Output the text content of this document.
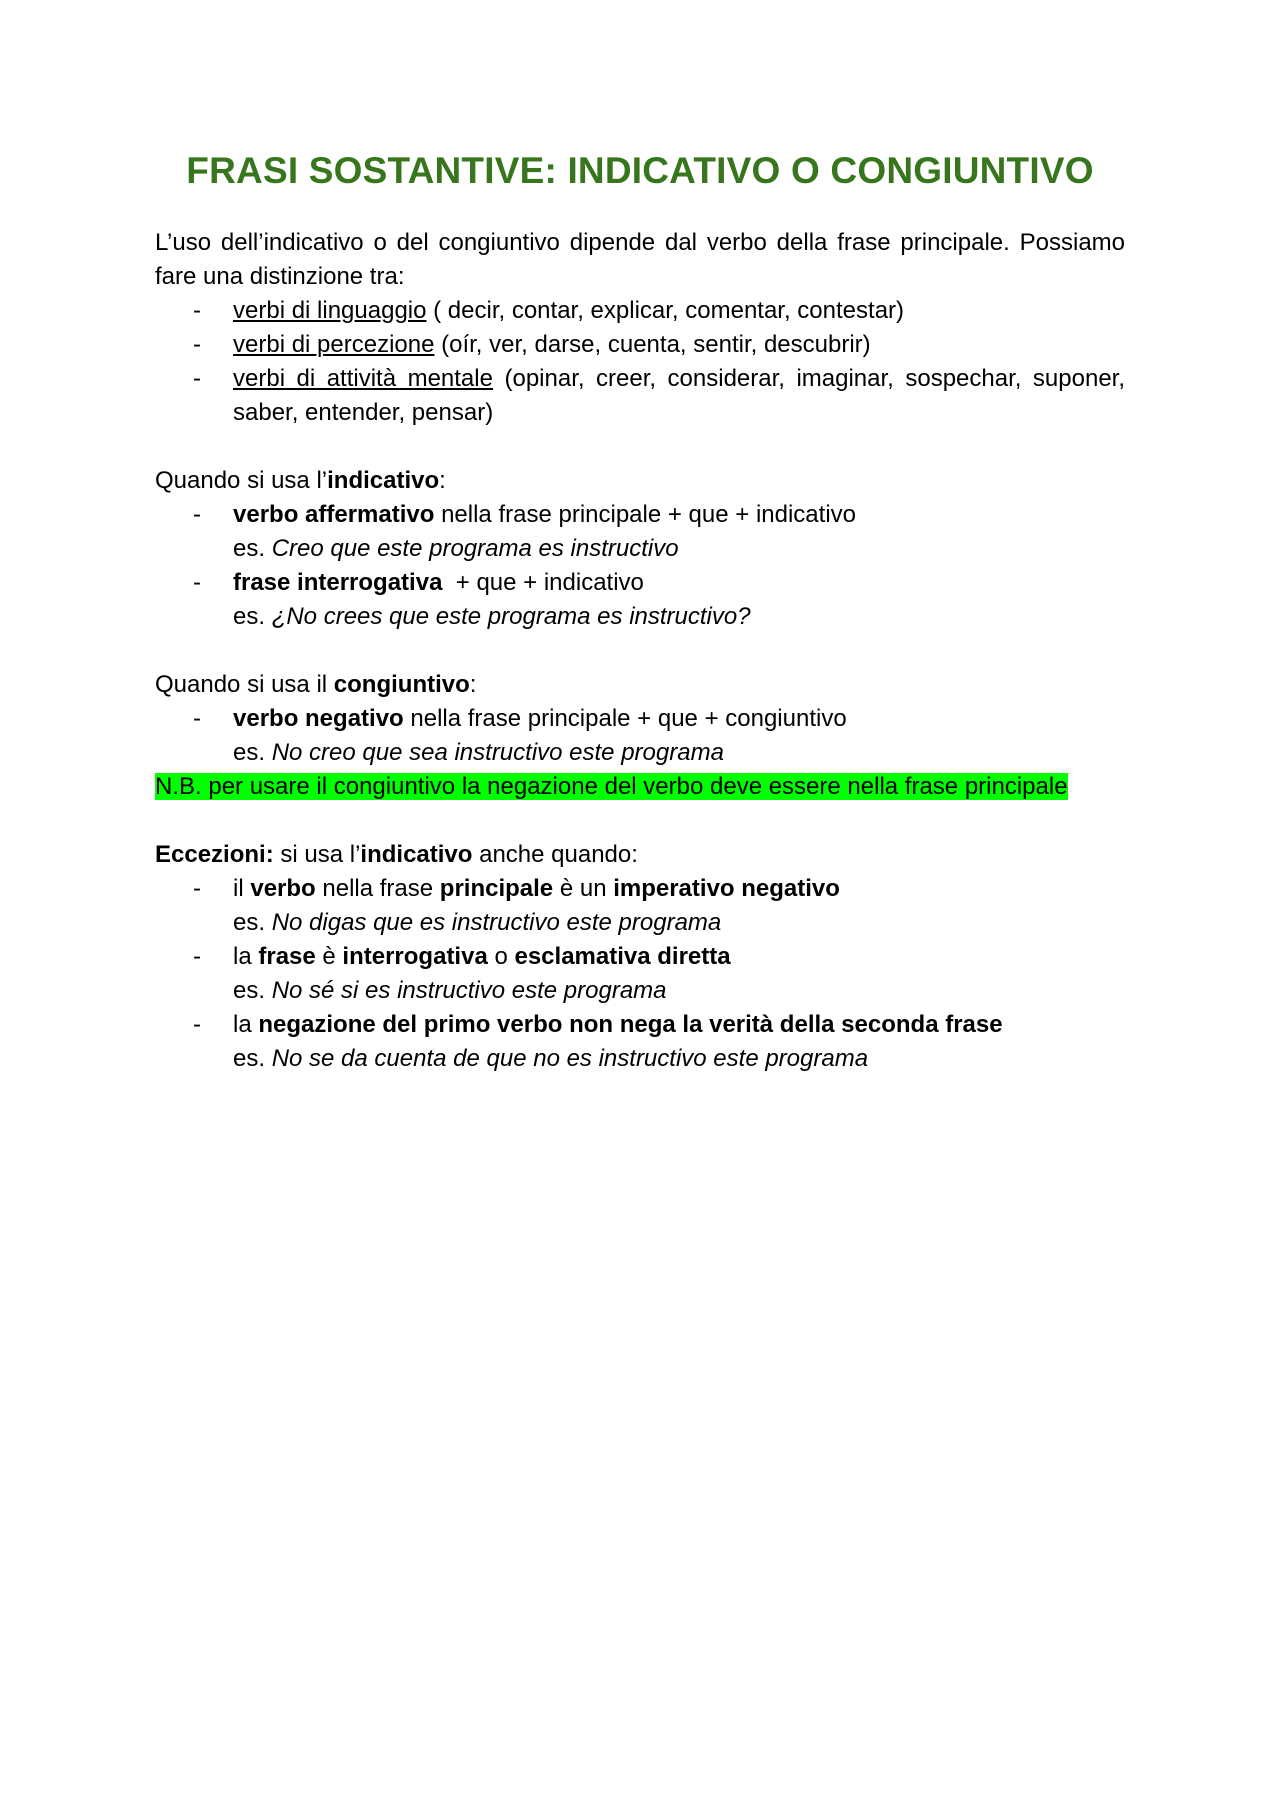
FRASI SOSTANTIVE: INDICATIVO O CONGIUNTIVO

L’uso dell’indicativo o del congiuntivo dipende dal verbo della frase principale. Possiamo fare una distinzione tra:

- verbi di linguaggio ( decir, contar, explicar, comentar, contestar)
- verbi di percezione (oír, ver, darse, cuenta, sentir, descubrir)
- verbi di attività mentale (opinar, creer, considerar, imaginar, sospechar, suponer, saber, entender, pensar)

Quando si usa l’indicativo:

- verbo affermativo nella frase principale + que + indicativo
es. Creo que este programa es instructivo
- frase interrogativa  + que + indicativo
es. ¿No crees que este programa es instructivo?

Quando si usa il congiuntivo:

- verbo negativo nella frase principale + que + congiuntivo
es. No creo que sea instructivo este programa

N.B. per usare il congiuntivo la negazione del verbo deve essere nella frase principale

Eccezioni: si usa l’indicativo anche quando:

- il verbo nella frase principale è un imperativo negativo
es. No digas que es instructivo este programa
- la frase è interrogativa o esclamativa diretta
es. No sé si es instructivo este programa
- la negazione del primo verbo non nega la verità della seconda frase
es. No se da cuenta de que no es instructivo este programa
